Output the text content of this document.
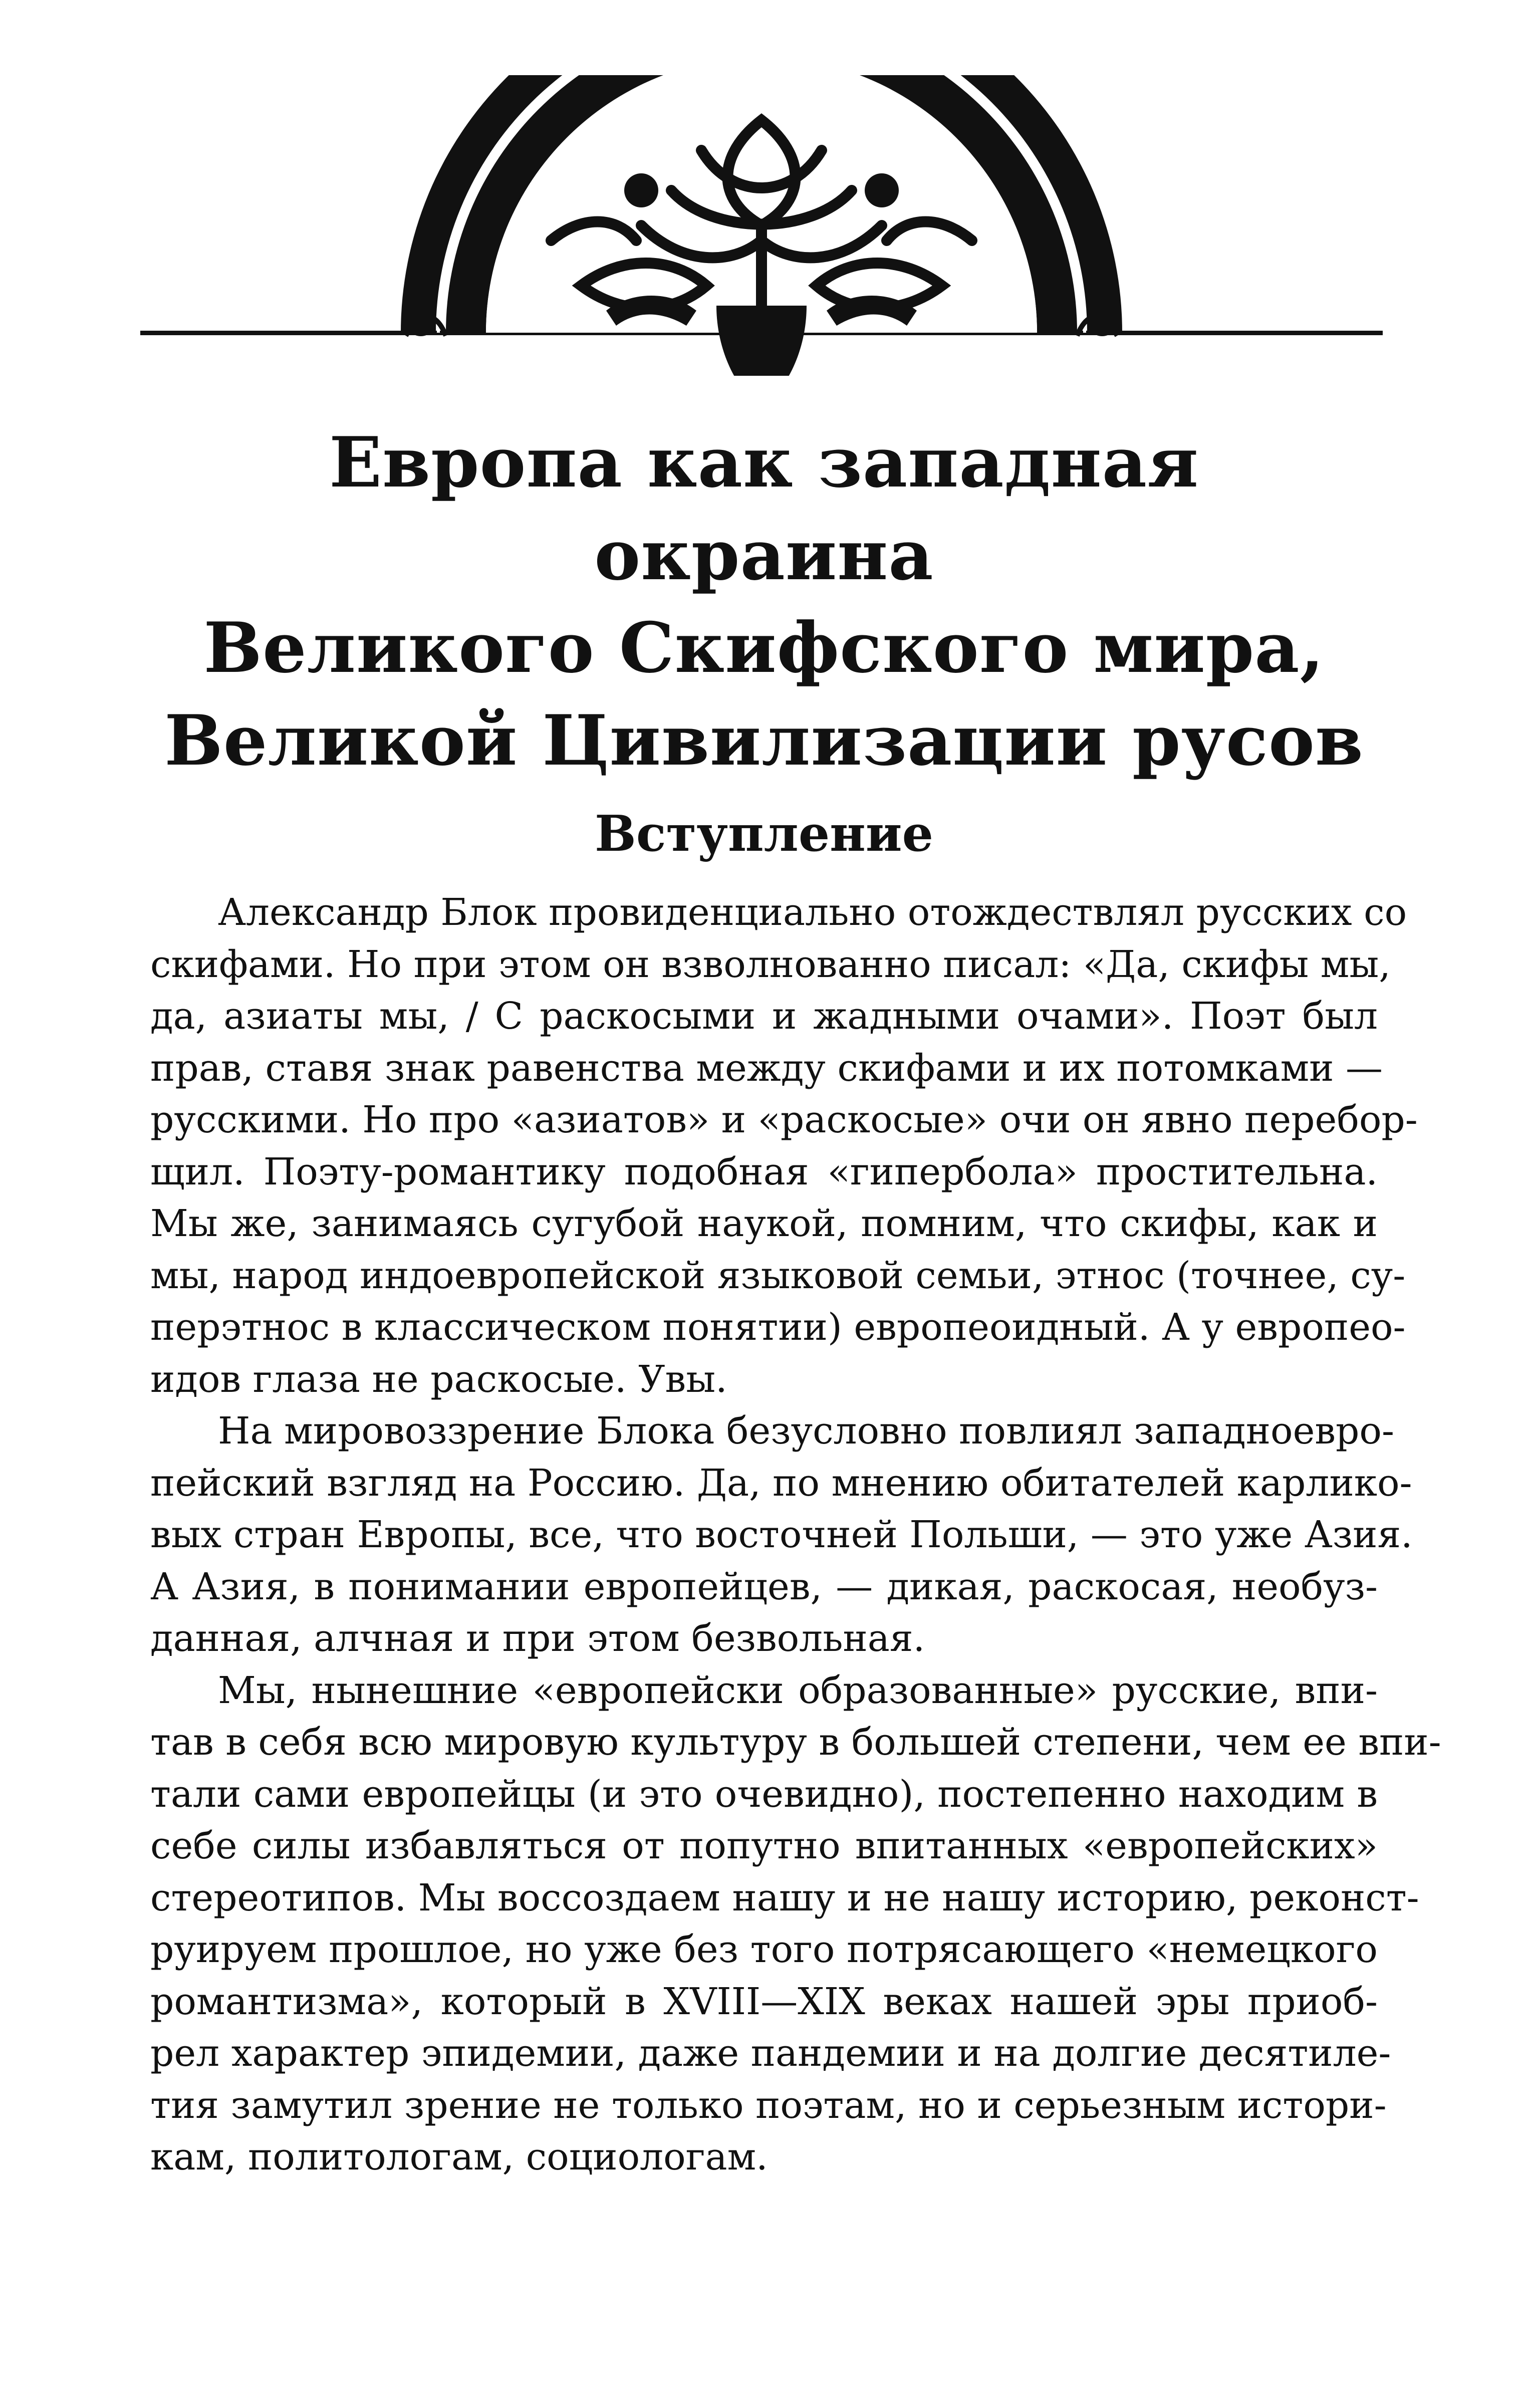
Европа как западная окраина
Великого Скифского мира,
Великой Цивилизации русов
Вступление
Александр Блок провиденциально отождествлял русских со
скифами. Но при этом он взволнованно писал: «Да, скифы мы,
да, азиаты мы, / С раскосыми и жадными очами». Поэт был
прав, ставя знак равенства между скифами и их потомками —
русскими. Но про «азиатов» и «раскосые» очи он явно перебор-
щил. Поэту-романтику подобная «гипербола» простительна.
Мы же, занимаясь сугубой наукой, помним, что скифы, как и
мы, народ индоевропейской языковой семьи, этнос (точнее, су-
перэтнос в классическом понятии) европеоидный. А у европео-
идов глаза не раскосые. Увы.
На мировоззрение Блока безусловно повлиял западноевро-
пейский взгляд на Россию. Да, по мнению обитателей карлико-
вых стран Европы, все, что восточней Польши, — это уже Азия.
А Азия, в понимании европейцев, — дикая, раскосая, необуз-
данная, алчная и при этом безвольная.
Мы, нынешние «европейски образованные» русские, впи-
тав в себя всю мировую культуру в большей степени, чем ее впи-
тали сами европейцы (и это очевидно), постепенно находим в
себе силы избавляться от попутно впитанных «европейских»
стереотипов. Мы воссоздаем нашу и не нашу историю, реконст-
руируем прошлое, но уже без того потрясающего «немецкого
романтизма», который в XVIII—XIX веках нашей эры приоб-
рел характер эпидемии, даже пандемии и на долгие десятиле-
тия замутил зрение не только поэтам, но и серьезным истори-
кам, политологам, социологам.
